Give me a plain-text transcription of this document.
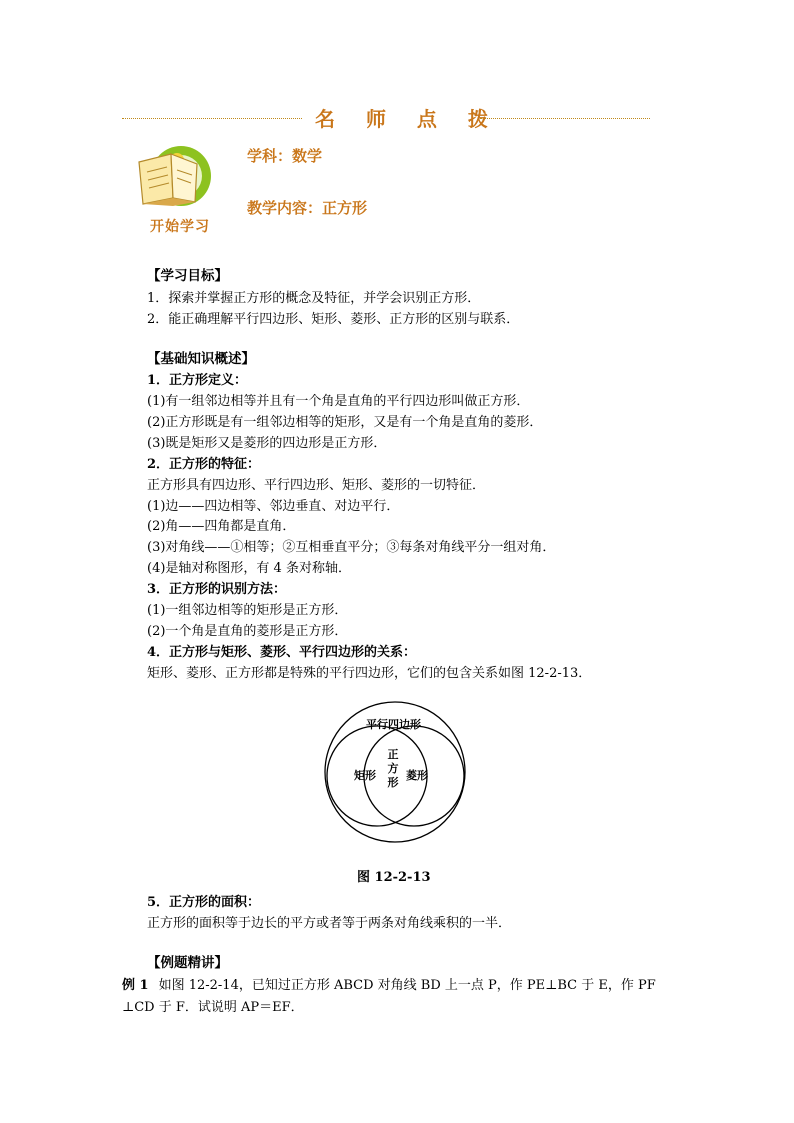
名 师 点 拨
开始学习
学科：数学
教学内容：正方形
【学习目标】
1．探索并掌握正方形的概念及特征，并学会识别正方形．
2．能正确理解平行四边形、矩形、菱形、正方形的区别与联系．
【基础知识概述】
1．正方形定义：
(1)有一组邻边相等并且有一个角是直角的平行四边形叫做正方形．
(2)正方形既是有一组邻边相等的矩形，又是有一个角是直角的菱形．
(3)既是矩形又是菱形的四边形是正方形．
2．正方形的特征：
正方形具有四边形、平行四边形、矩形、菱形的一切特征．
(1)边——四边相等、邻边垂直、对边平行．
(2)角——四角都是直角．
(3)对角线——①相等；②互相垂直平分；③每条对角线平分一组对角．
(4)是轴对称图形，有 4 条对称轴．
3．正方形的识别方法：
(1)一组邻边相等的矩形是正方形．
(2)一个角是直角的菱形是正方形．
4．正方形与矩形、菱形、平行四边形的关系：
矩形、菱形、正方形都是特殊的平行四边形，它们的包含关系如图 12-2-13．
平行四边形
矩形	菱形
正
方
形
图 12-2-13
5．正方形的面积：
正方形的面积等于边长的平方或者等于两条对角线乘积的一半．
【例题精讲】
例 1 如图 12-2-14，已知过正方形 ABCD 对角线 BD 上一点 P，作 PE⊥BC 于 E，作 PF
⊥CD 于 F．试说明 AP＝EF．
